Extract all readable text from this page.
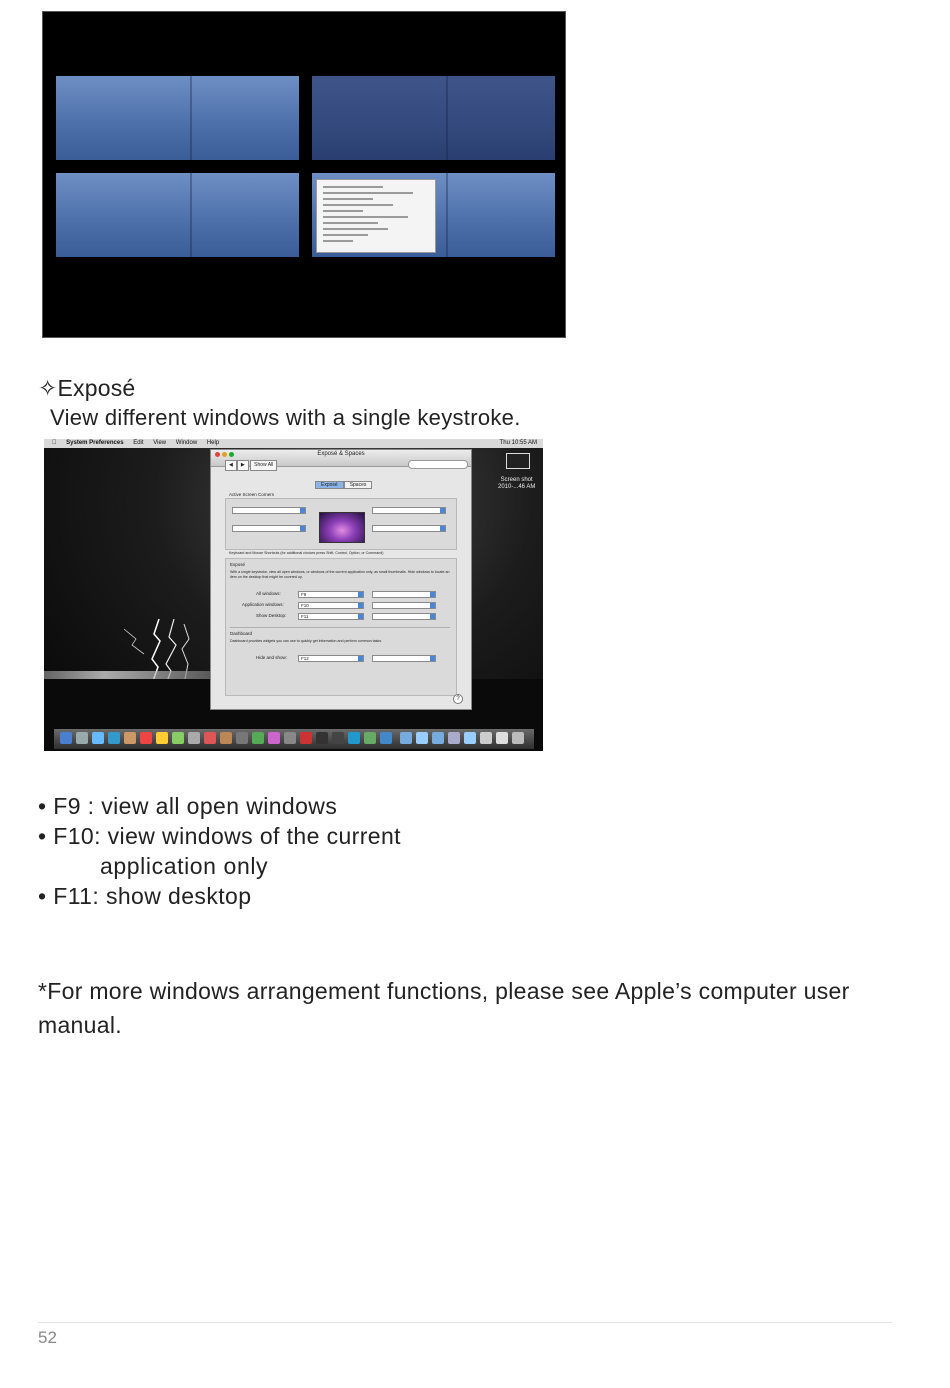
✧Exposé
View different windows with a single keystroke.
System Preferences Edit View Window Help	Thu 10:55 AM
Screen shot
2010-...46 AM
Exposé & Spaces
◀ ▶ Show All
Exposé Spaces
Active Screen Corners
Keyboard and Mouse Shortcuts (for additional choices press Shift, Control, Option, or Command)
Exposé
With a single keystroke, view all open windows, or windows of the current application only, as small thumbnails. Hide windows to locate an item on the desktop that might be covered up.
All windows:	F9
Application windows:	F10
Show Desktop:	F11
Dashboard
Dashboard provides widgets you can use to quickly get information and perform common tasks.
Hide and show:	F12
?
• F9 : view all open windows
• F10: view windows of the current
application only
• F11: show desktop
*For more windows arrangement functions, please see Apple’s computer user manual.
52
